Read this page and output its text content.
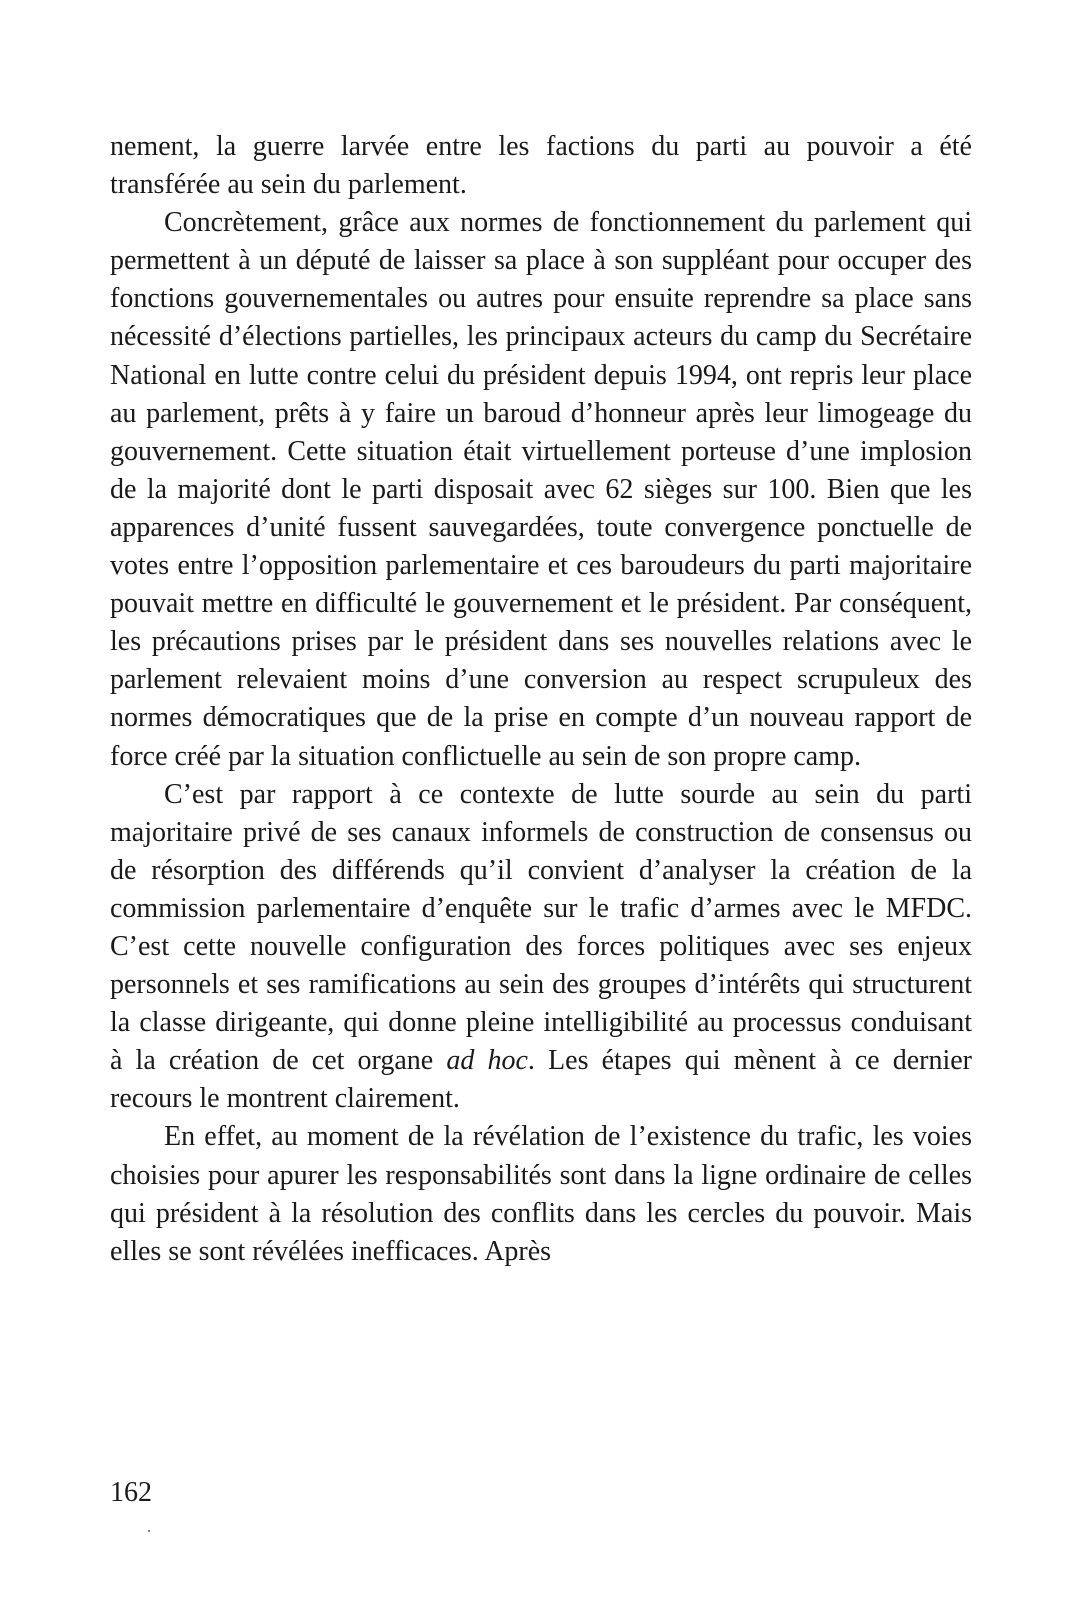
nement, la guerre larvée entre les factions du parti au pouvoir a été transférée au sein du parlement.

Concrètement, grâce aux normes de fonctionnement du parlement qui permettent à un député de laisser sa place à son suppléant pour occuper des fonctions gouvernementales ou autres pour ensuite reprendre sa place sans nécessité d’élections partielles, les principaux acteurs du camp du Secrétaire National en lutte contre celui du président depuis 1994, ont repris leur place au parlement, prêts à y faire un baroud d’honneur après leur limogeage du gouvernement. Cette situation était virtuellement porteuse d’une implosion de la majorité dont le parti disposait avec 62 sièges sur 100. Bien que les apparences d’unité fussent sauvegardées, toute convergence ponctuelle de votes entre l’opposition parlementaire et ces baroudeurs du parti majoritaire pouvait mettre en difficulté le gouvernement et le président. Par conséquent, les précautions prises par le président dans ses nouvelles relations avec le parlement relevaient moins d’une conversion au respect scrupuleux des normes démocratiques que de la prise en compte d’un nouveau rapport de force créé par la situation conflictuelle au sein de son propre camp.

C’est par rapport à ce contexte de lutte sourde au sein du parti majoritaire privé de ses canaux informels de construction de consensus ou de résorption des différends qu’il convient d’analyser la création de la commission parlementaire d’enquête sur le trafic d’armes avec le MFDC. C’est cette nouvelle configuration des forces politiques avec ses enjeux personnels et ses ramifications au sein des groupes d’intérêts qui structurent la classe dirigeante, qui donne pleine intelligibilité au processus conduisant à la création de cet organe ad hoc. Les étapes qui mènent à ce dernier recours le montrent clairement.

En effet, au moment de la révélation de l’existence du trafic, les voies choisies pour apurer les responsabilités sont dans la ligne ordinaire de celles qui président à la résolution des conflits dans les cercles du pouvoir. Mais elles se sont révélées inefficaces. Après

162
